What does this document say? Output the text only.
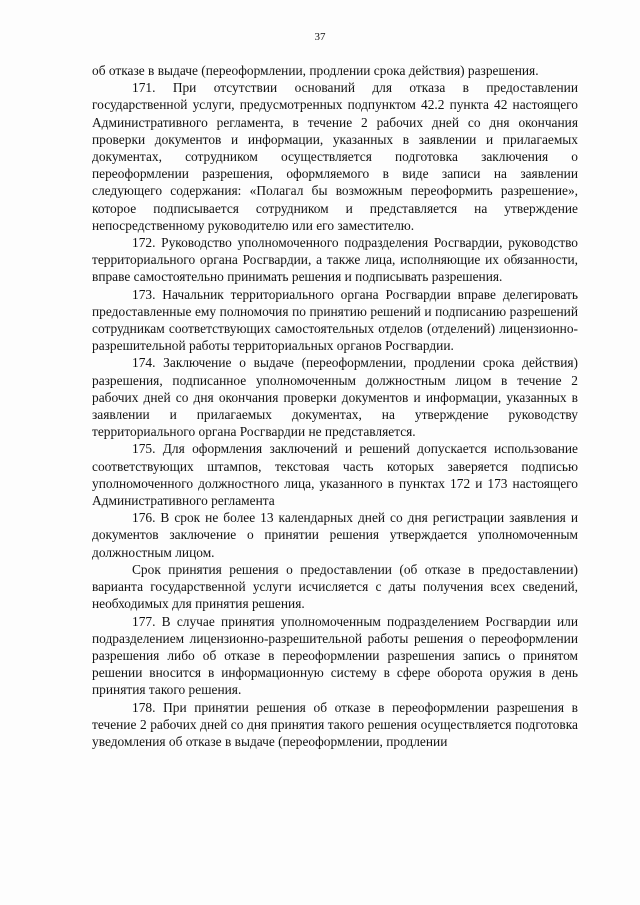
37

об отказе в выдаче (переоформлении, продлении срока действия) разрешения.

171. При отсутствии оснований для отказа в предоставлении государственной услуги, предусмотренных подпунктом 42.2 пункта 42 настоящего Административного регламента, в течение 2 рабочих дней со дня окончания проверки документов и информации, указанных в заявлении и прилагаемых документах, сотрудником осуществляется подготовка заключения о переоформлении разрешения, оформляемого в виде записи на заявлении следующего содержания: «Полагал бы возможным переоформить разрешение», которое подписывается сотрудником и представляется на утверждение непосредственному руководителю или его заместителю.

172. Руководство уполномоченного подразделения Росгвардии, руководство территориального органа Росгвардии, а также лица, исполняющие их обязанности, вправе самостоятельно принимать решения и подписывать разрешения.

173. Начальник территориального органа Росгвардии вправе делегировать предоставленные ему полномочия по принятию решений и подписанию разрешений сотрудникам соответствующих самостоятельных отделов (отделений) лицензионно-разрешительной работы территориальных органов Росгвардии.

174. Заключение о выдаче (переоформлении, продлении срока действия) разрешения, подписанное уполномоченным должностным лицом в течение 2 рабочих дней со дня окончания проверки документов и информации, указанных в заявлении и прилагаемых документах, на утверждение руководству территориального органа Росгвардии не представляется.

175. Для оформления заключений и решений допускается использование соответствующих штампов, текстовая часть которых заверяется подписью уполномоченного должностного лица, указанного в пунктах 172 и 173 настоящего Административного регламента

176. В срок не более 13 календарных дней со дня регистрации заявления и документов заключение о принятии решения утверждается уполномоченным должностным лицом.

Срок принятия решения о предоставлении (об отказе в предоставлении) варианта государственной услуги исчисляется с даты получения всех сведений, необходимых для принятия решения.

177. В случае принятия уполномоченным подразделением Росгвардии или подразделением лицензионно-разрешительной работы решения о переоформлении разрешения либо об отказе в переоформлении разрешения запись о принятом решении вносится в информационную систему в сфере оборота оружия в день принятия такого решения.

178. При принятии решения об отказе в переоформлении разрешения в течение 2 рабочих дней со дня принятия такого решения осуществляется подготовка уведомления об отказе в выдаче (переоформлении, продлении
